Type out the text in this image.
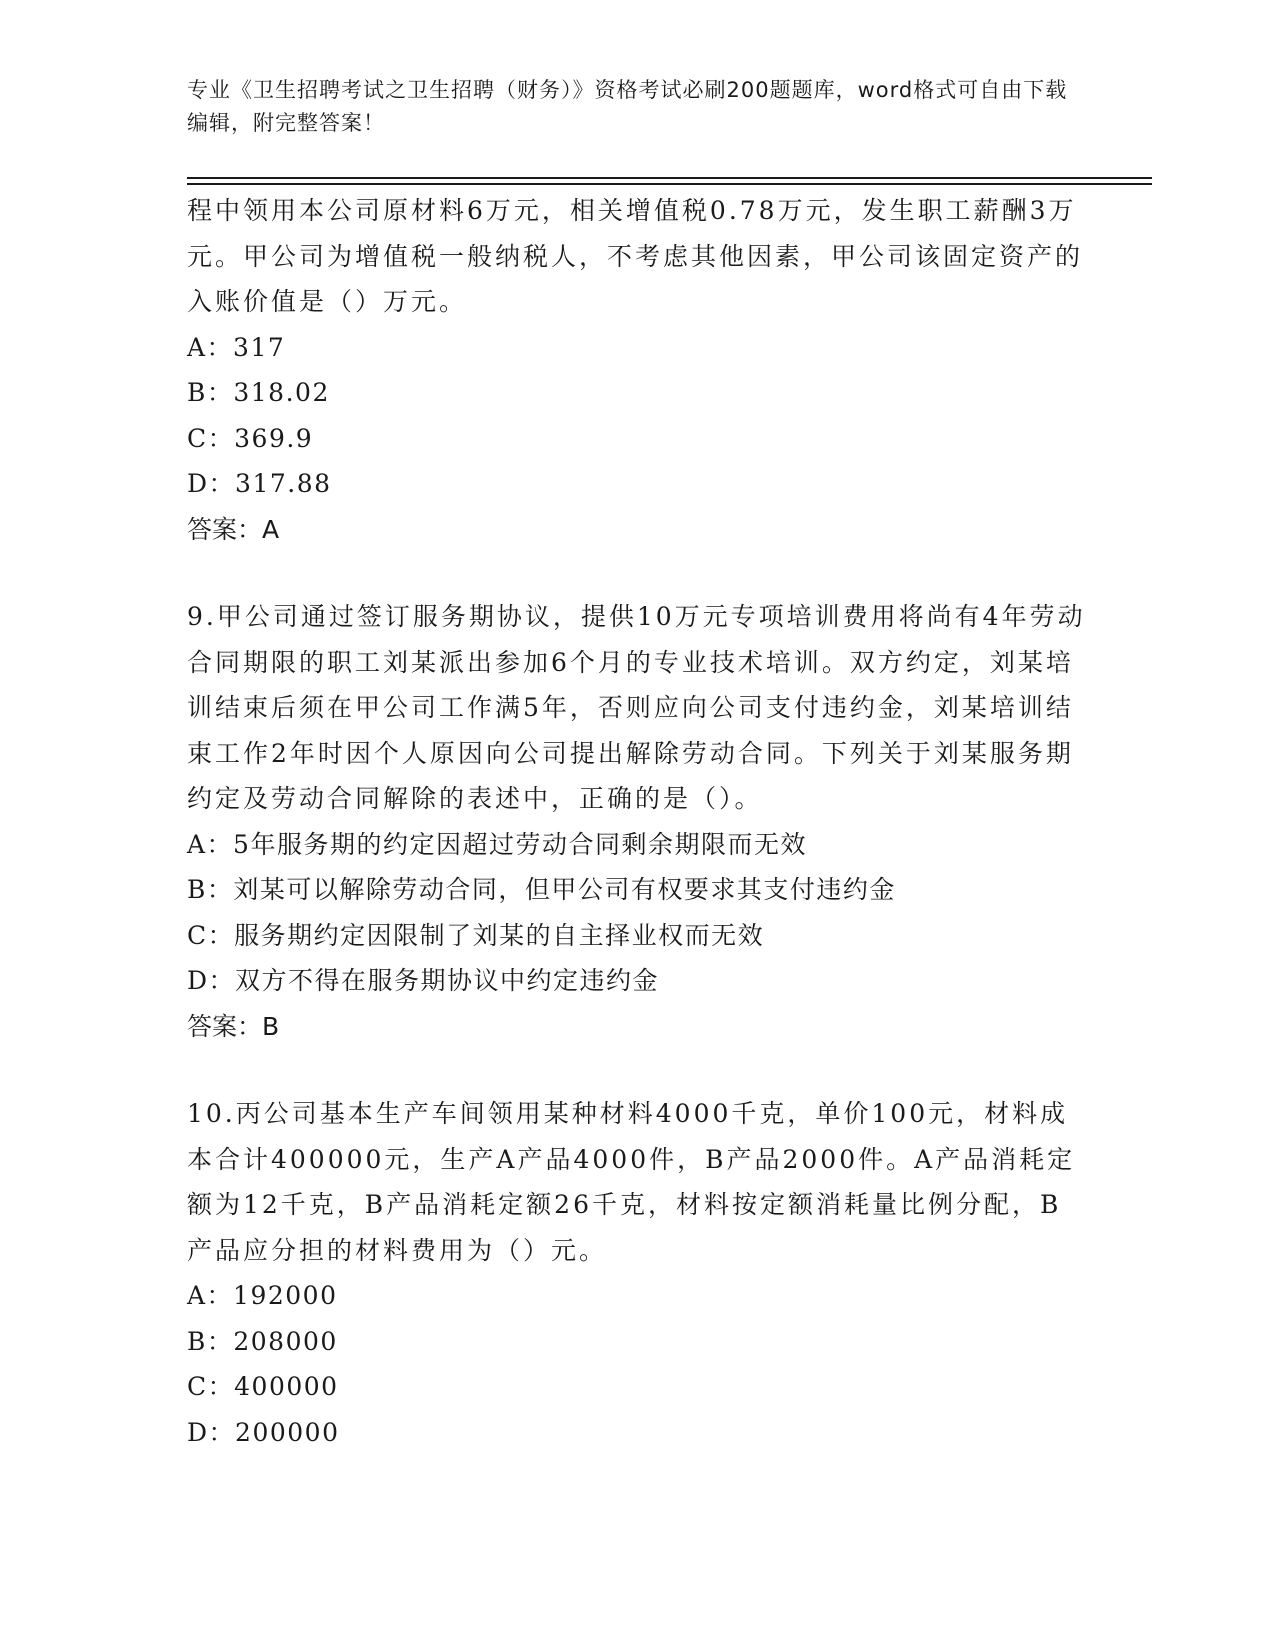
专业《卫生招聘考试之卫生招聘（财务）》资格考试必刷200题题库，word格式可自由下载编辑，附完整答案！

程中领用本公司原材料6万元，相关增值税0.78万元，发生职工薪酬3万元。甲公司为增值税一般纳税人，不考虑其他因素，甲公司该固定资产的入账价值是（）万元。

A：317

B：318.02

C：369.9

D：317.88

答案：A

9.甲公司通过签订服务期协议，提供10万元专项培训费用将尚有4年劳动合同期限的职工刘某派出参加6个月的专业技术培训。双方约定，刘某培训结束后须在甲公司工作满5年，否则应向公司支付违约金，刘某培训结束工作2年时因个人原因向公司提出解除劳动合同。下列关于刘某服务期约定及劳动合同解除的表述中，正确的是（）。

A：5年服务期的约定因超过劳动合同剩余期限而无效

B：刘某可以解除劳动合同，但甲公司有权要求其支付违约金

C：服务期约定因限制了刘某的自主择业权而无效

D：双方不得在服务期协议中约定违约金

答案：B

10.丙公司基本生产车间领用某种材料4000千克，单价100元，材料成本合计400000元，生产A产品4000件，B产品2000件。A产品消耗定额为12千克，B产品消耗定额26千克，材料按定额消耗量比例分配，B产品应分担的材料费用为（）元。

A：192000

B：208000

C：400000

D：200000
